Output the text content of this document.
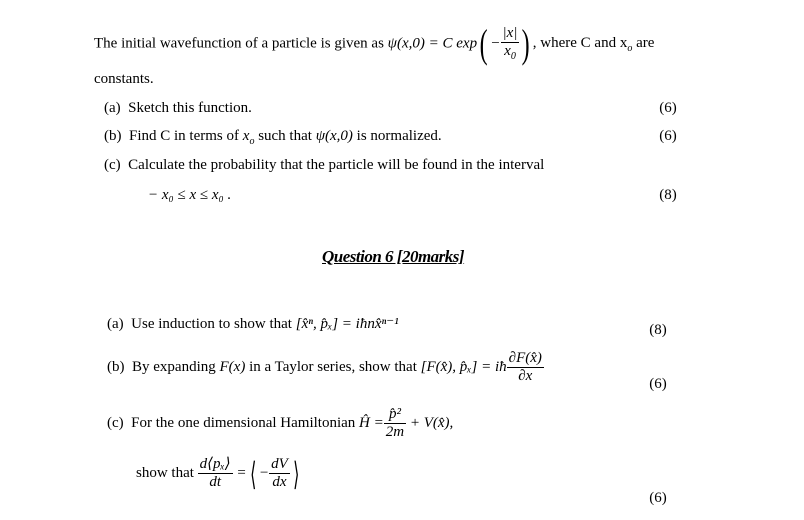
The initial wavefunction of a particle is given as ψ(x,0) = C $\exp( - \frac{|x|}{x_0}$ ) , where C and $x_o$ are
constants.
(a) Sketch this function.	(6)
(b) Find C in terms of $x_o$ such that ψ(x,0) is normalized.	(6)
(c) Calculate the probability that the particle will be found in the interval
− x₀ ≤ x ≤ x₀ .	(8)
Question 6 [20marks]
(a) Use induction to show that [x̂ⁿ, p̂ₓ] = iħnx̂ⁿ⁻¹	(8)
(b) By expanding F(x) in a Taylor series, show that [F(x̂), p̂ₓ] = iħ $\frac{\partial F(x̂)}{\partial x}$	(6)
(c) For the one dimensional Hamiltonian Ĥ = $\frac{\text{p̂²}}{2m}$ + V(x̂),
show that $\frac{\text{d⟨pₓ⟩}}{dt}$ =⟨ − $\frac{dV}{dx}$ ⟩
(6)
